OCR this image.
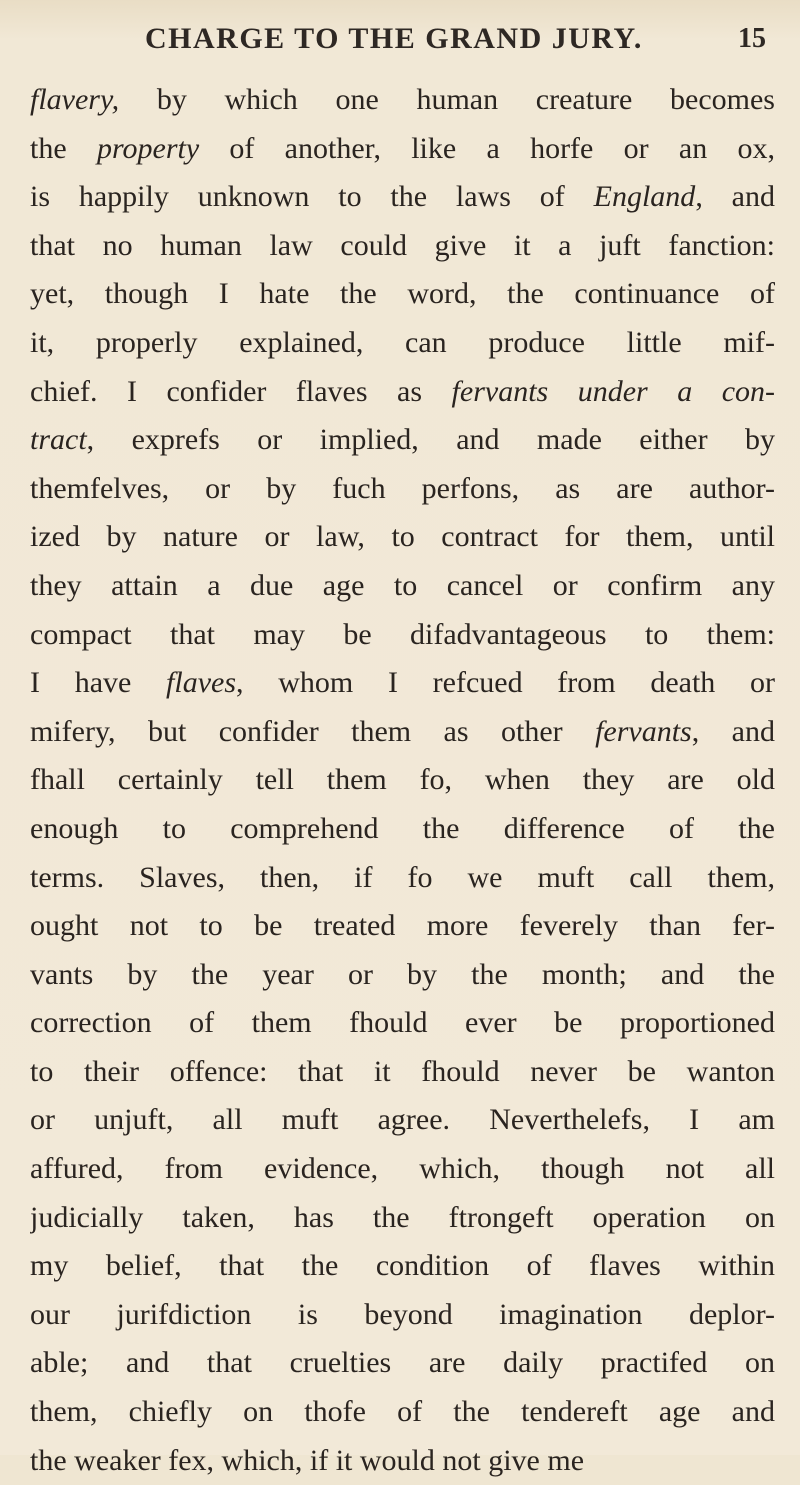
CHARGE TO THE GRAND JURY.	15
flavery, by which one human creature becomes
the property of another, like a horfe or an ox,
is happily unknown to the laws of England, and
that no human law could give it a juft fanction:
yet, though I hate the word, the continuance of
it, properly explained, can produce little mif-
chief. I confider flaves as fervants under a con-
tract, exprefs or implied, and made either by
themfelves, or by fuch perfons, as are author-
ized by nature or law, to contract for them, until
they attain a due age to cancel or confirm any
compact that may be difadvantageous to them:
I have flaves, whom I refcued from death or
mifery, but confider them as other fervants, and
fhall certainly tell them fo, when they are old
enough to comprehend the difference of the
terms. Slaves, then, if fo we muft call them,
ought not to be treated more feverely than fer-
vants by the year or by the month; and the
correction of them fhould ever be proportioned
to their offence: that it fhould never be wanton
or unjuft, all muft agree. Neverthelefs, I am
affured, from evidence, which, though not all
judicially taken, has the ftrongeft operation on
my belief, that the condition of flaves within
our jurifdiction is beyond imagination deplor-
able; and that cruelties are daily practifed on
them, chiefly on thofe of the tendereft age and
the weaker fex, which, if it would not give me
